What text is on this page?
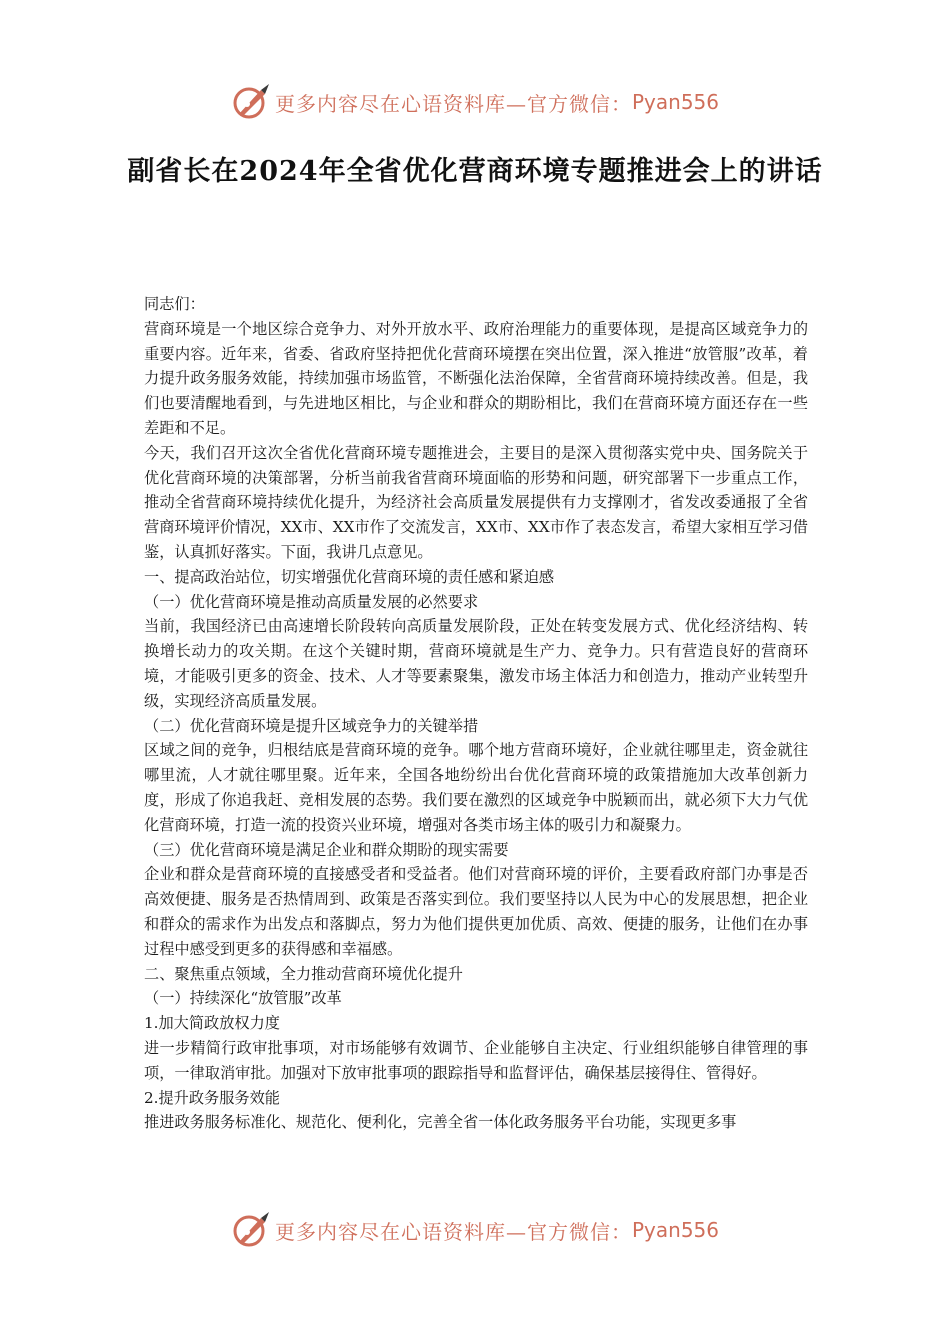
更多内容尽在心语资料库—官方微信： Pyan556
副省长在2024年全省优化营商环境专题推进会上的讲话

同志们：

营商环境是一个地区综合竞争力、对外开放水平、政府治理能力的重要体现，是提高区域竞争力的重要内容。近年来，省委、省政府坚持把优化营商环境摆在突出位置，深入推进“放管服”改革，着力提升政务服务效能，持续加强市场监管，不断强化法治保障，全省营商环境持续改善。但是，我们也要清醒地看到，与先进地区相比，与企业和群众的期盼相比，我们在营商环境方面还存在一些差距和不足。

今天，我们召开这次全省优化营商环境专题推进会，主要目的是深入贯彻落实党中央、国务院关于优化营商环境的决策部署，分析当前我省营商环境面临的形势和问题，研究部署下一步重点工作，推动全省营商环境持续优化提升，为经济社会高质量发展提供有力支撑刚才，省发改委通报了全省营商环境评价情况，XX市、XX市作了交流发言，XX市、XX市作了表态发言，希望大家相互学习借鉴，认真抓好落实。下面，我讲几点意见。

一、提高政治站位，切实增强优化营商环境的责任感和紧迫感

（一）优化营商环境是推动高质量发展的必然要求

当前，我国经济已由高速增长阶段转向高质量发展阶段，正处在转变发展方式、优化经济结构、转换增长动力的攻关期。在这个关键时期，营商环境就是生产力、竞争力。只有营造良好的营商环境，才能吸引更多的资金、技术、人才等要素聚集，激发市场主体活力和创造力，推动产业转型升级，实现经济高质量发展。

（二）优化营商环境是提升区域竞争力的关键举措

区域之间的竞争，归根结底是营商环境的竞争。哪个地方营商环境好，企业就往哪里走，资金就往哪里流，人才就往哪里聚。近年来，全国各地纷纷出台优化营商环境的政策措施加大改革创新力度，形成了你追我赶、竞相发展的态势。我们要在激烈的区域竞争中脱颖而出，就必须下大力气优化营商环境，打造一流的投资兴业环境，增强对各类市场主体的吸引力和凝聚力。

（三）优化营商环境是满足企业和群众期盼的现实需要

企业和群众是营商环境的直接感受者和受益者。他们对营商环境的评价，主要看政府部门办事是否高效便捷、服务是否热情周到、政策是否落实到位。我们要坚持以人民为中心的发展思想，把企业和群众的需求作为出发点和落脚点，努力为他们提供更加优质、高效、便捷的服务，让他们在办事过程中感受到更多的获得感和幸福感。

二、聚焦重点领域，全力推动营商环境优化提升

（一）持续深化“放管服”改革

1.加大简政放权力度

进一步精简行政审批事项，对市场能够有效调节、企业能够自主决定、行业组织能够自律管理的事项，一律取消审批。加强对下放审批事项的跟踪指导和监督评估，确保基层接得住、管得好。

2.提升政务服务效能

推进政务服务标准化、规范化、便利化，完善全省一体化政务服务平台功能，实现更多事

更多内容尽在心语资料库—官方微信： Pyan556
